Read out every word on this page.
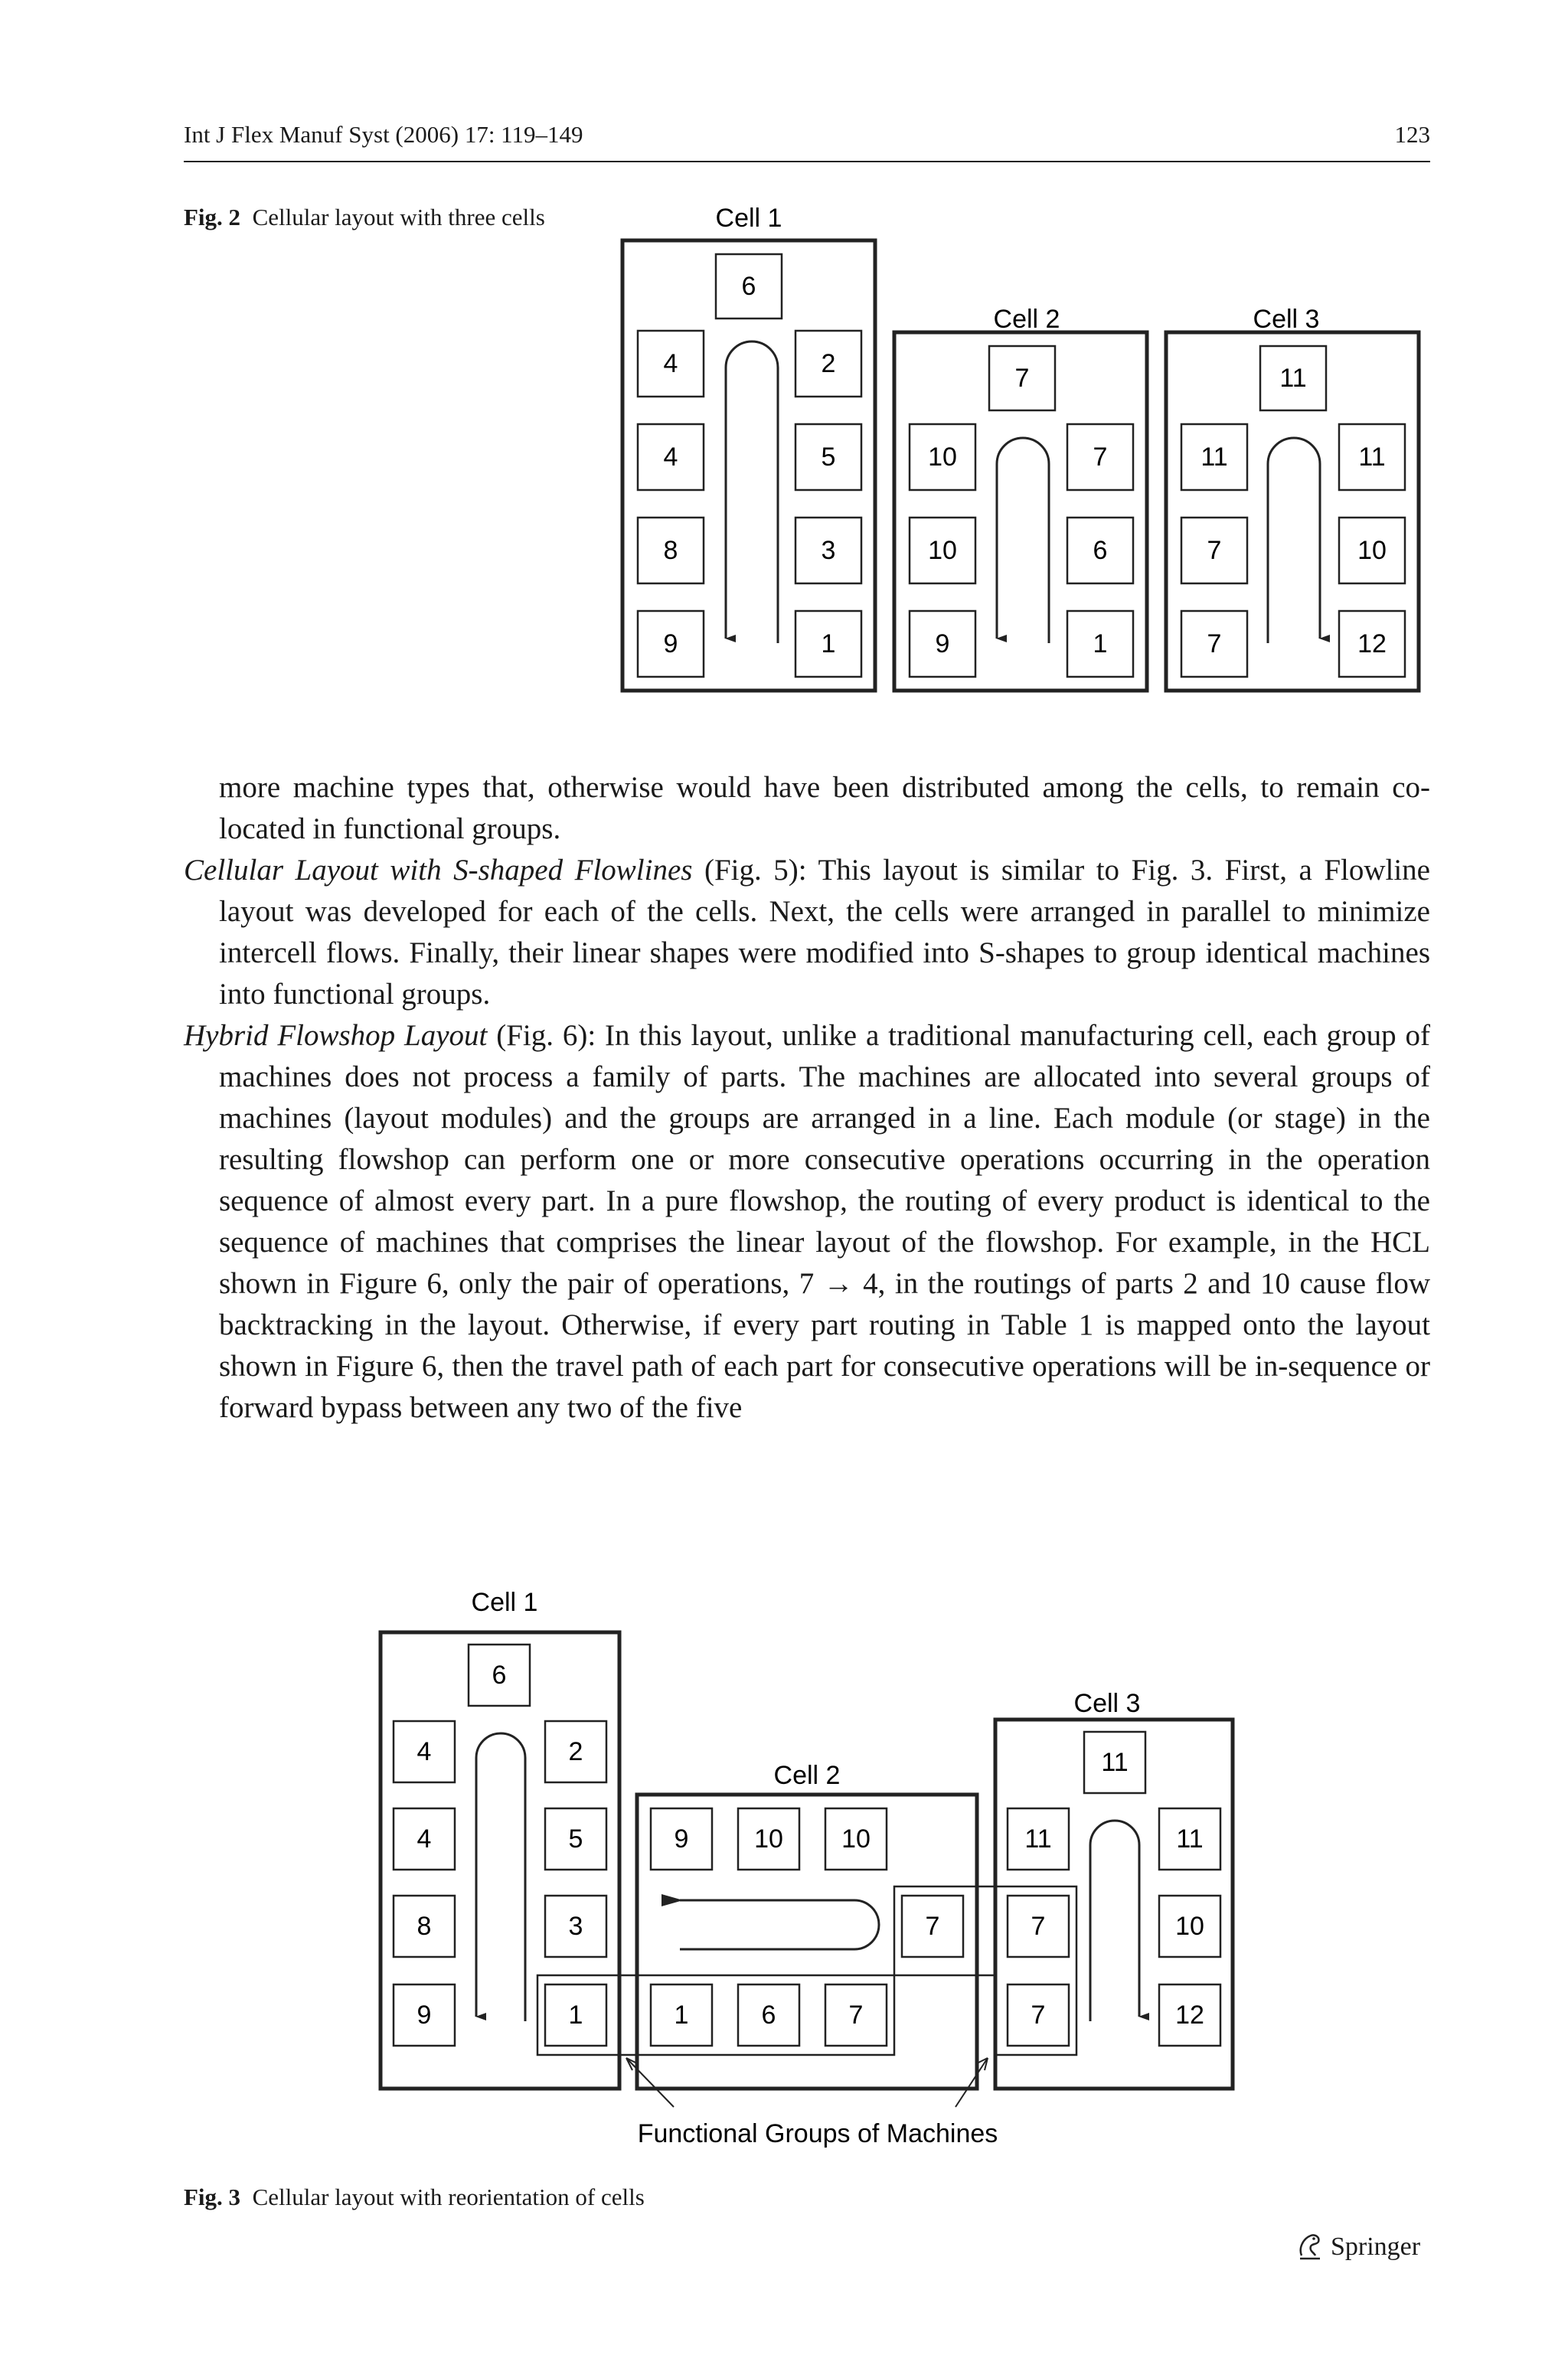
Int J Flex Manuf Syst (2006) 17: 119–149	123
Fig. 2 Cellular layout with three cells	Cell 1
6
4
4
8
9
2
5
3
1
Cell 2
7
10
10
9
7
6
1
Cell 3
11
11
7
7
11
10
12

more machine types that, otherwise would have been distributed among the cells, to remain co-located in functional groups.

Cellular Layout with S-shaped Flowlines (Fig. 5): This layout is similar to Fig. 3. First, a Flowline layout was developed for each of the cells. Next, the cells were arranged in parallel to minimize intercell flows. Finally, their linear shapes were modified into S-shapes to group identical machines into functional groups.

Hybrid Flowshop Layout (Fig. 6): In this layout, unlike a traditional manufacturing cell, each group of machines does not process a family of parts. The machines are allocated into several groups of machines (layout modules) and the groups are arranged in a line. Each module (or stage) in the resulting flowshop can perform one or more consecutive operations occurring in the operation sequence of almost every part. In a pure flowshop, the routing of every product is identical to the sequence of machines that comprises the linear layout of the flowshop. For example, in the HCL shown in Figure 6, only the pair of operations, 7 → 4, in the routings of parts 2 and 10 cause flow backtracking in the layout. Otherwise, if every part routing in Table 1 is mapped onto the layout shown in Figure 6, then the travel path of each part for consecutive operations will be in-sequence or forward bypass between any two of the five

Cell 1
6
4
4
8
9
2
5
3
1
Cell 2
9	10 10
7
1	6	7
Cell 3
11
11
7
7
11
10
12
Functional Groups of Machines
Fig. 3 Cellular layout with reorientation of cells
Springer
